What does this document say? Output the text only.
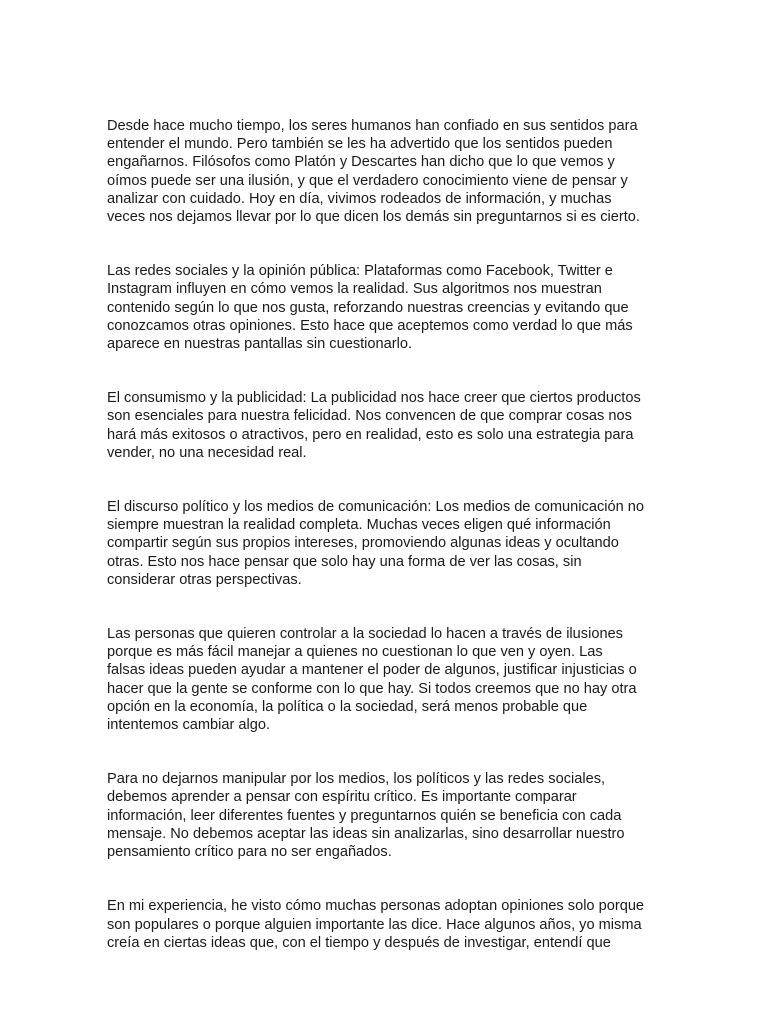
Desde hace mucho tiempo, los seres humanos han confiado en sus sentidos para
entender el mundo. Pero también se les ha advertido que los sentidos pueden
engañarnos. Filósofos como Platón y Descartes han dicho que lo que vemos y
oímos puede ser una ilusión, y que el verdadero conocimiento viene de pensar y
analizar con cuidado. Hoy en día, vivimos rodeados de información, y muchas
veces nos dejamos llevar por lo que dicen los demás sin preguntarnos si es cierto.

Las redes sociales y la opinión pública: Plataformas como Facebook, Twitter e
Instagram influyen en cómo vemos la realidad. Sus algoritmos nos muestran
contenido según lo que nos gusta, reforzando nuestras creencias y evitando que
conozcamos otras opiniones. Esto hace que aceptemos como verdad lo que más
aparece en nuestras pantallas sin cuestionarlo.

El consumismo y la publicidad: La publicidad nos hace creer que ciertos productos
son esenciales para nuestra felicidad. Nos convencen de que comprar cosas nos
hará más exitosos o atractivos, pero en realidad, esto es solo una estrategia para
vender, no una necesidad real.

El discurso político y los medios de comunicación: Los medios de comunicación no
siempre muestran la realidad completa. Muchas veces eligen qué información
compartir según sus propios intereses, promoviendo algunas ideas y ocultando
otras. Esto nos hace pensar que solo hay una forma de ver las cosas, sin
considerar otras perspectivas.

Las personas que quieren controlar a la sociedad lo hacen a través de ilusiones
porque es más fácil manejar a quienes no cuestionan lo que ven y oyen. Las
falsas ideas pueden ayudar a mantener el poder de algunos, justificar injusticias o
hacer que la gente se conforme con lo que hay. Si todos creemos que no hay otra
opción en la economía, la política o la sociedad, será menos probable que
intentemos cambiar algo.

Para no dejarnos manipular por los medios, los políticos y las redes sociales,
debemos aprender a pensar con espíritu crítico. Es importante comparar
información, leer diferentes fuentes y preguntarnos quién se beneficia con cada
mensaje. No debemos aceptar las ideas sin analizarlas, sino desarrollar nuestro
pensamiento crítico para no ser engañados.

En mi experiencia, he visto cómo muchas personas adoptan opiniones solo porque
son populares o porque alguien importante las dice. Hace algunos años, yo misma
creía en ciertas ideas que, con el tiempo y después de investigar, entendí que
